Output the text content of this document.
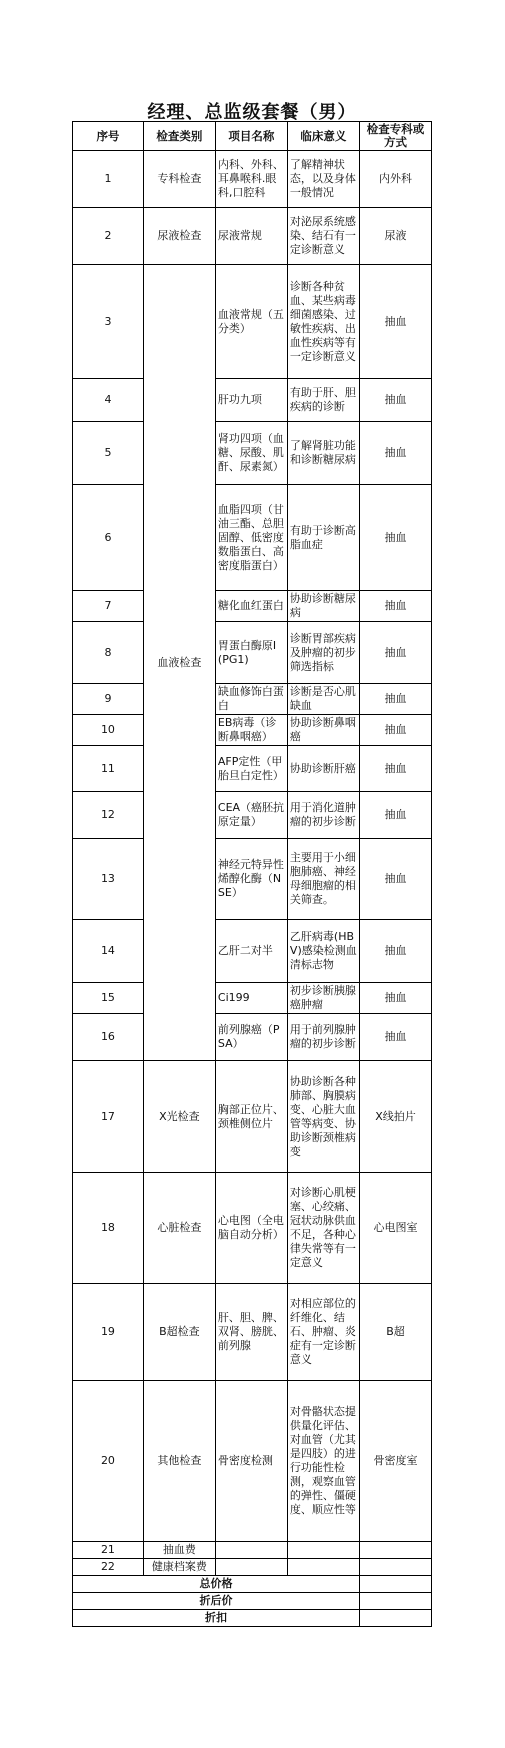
经理、总监级套餐（男）
序号	检查类别	项目名称	临床意义	检查专科或方式
1	专科检查	内科、外科、耳鼻喉科.眼科,口腔科	了解精神状态，以及身体一般情况	内外科
2	尿液检查	尿液常规	对泌尿系统感染、结石有一定诊断意义	尿液
3	血液检查	血液常规（五分类）	诊断各种贫血、某些病毒细菌感染、过敏性疾病、出血性疾病等有一定诊断意义	抽血
4		肝功九项	有助于肝、胆疾病的诊断	抽血
5		肾功四项（血糖、尿酸、肌酐、尿素氮）	了解肾脏功能和诊断糖尿病	抽血
6		血脂四项（甘油三酯、总胆固醇、低密度数脂蛋白、高密度脂蛋白）	有助于诊断高脂血症	抽血
7		糖化血红蛋白	协助诊断糖尿病	抽血
8		胃蛋白酶原Ⅰ(PG1)	诊断胃部疾病及肿瘤的初步筛选指标	抽血
9		缺血修饰白蛋白	诊断是否心肌缺血	抽血
10		EB病毒（诊断鼻咽癌）	协助诊断鼻咽癌	抽血
11		AFP定性（甲胎旦白定性）	协助诊断肝癌	抽血
12		CEA（癌胚抗原定量）	用于消化道肿瘤的初步诊断	抽血
13		神经元特异性烯醇化酶（NSE）	主要用于小细胞肺癌、神经母细胞瘤的相关筛查。	抽血
14		乙肝二对半	乙肝病毒(HBV)感染检测血清标志物	抽血
15		Ci199	初步诊断胰腺癌肿瘤	抽血
16		前列腺癌（PSA）	用于前列腺肿瘤的初步诊断	抽血
17	X光检查	胸部正位片、颈椎侧位片	协助诊断各种肺部、胸膜病变、心脏大血管等病变、协助诊断颈椎病变	X线拍片
18	心脏检查	心电图（全电脑自动分析）	对诊断心肌梗塞、心绞痛、冠状动脉供血不足，各种心律失常等有一定意义	心电图室
19	B超检查	肝、胆、脾、双肾、膀胱、前列腺	对相应部位的纤维化、结石、肿瘤、炎症有一定诊断意义	B超
20	其他检查	骨密度检测	对骨骼状态提供量化评估、对血管（尤其是四肢）的进行功能性检测，观察血管的弹性、僵硬度、顺应性等	骨密度室
21	抽血费			
22	健康档案费			
总价格				
折后价				
折扣				
